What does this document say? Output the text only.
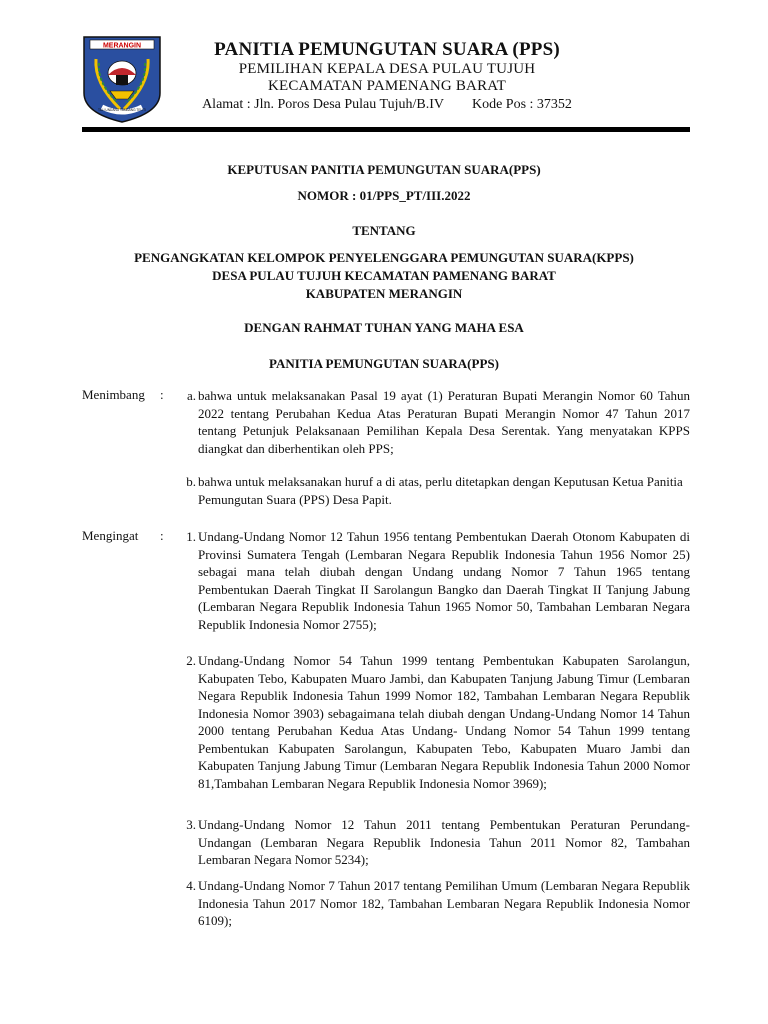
MERANGIN
TALI UNDANG TAMBANG TELITI
PANITIA PEMUNGUTAN SUARA (PPS)
PEMILIHAN KEPALA DESA PULAU TUJUH
KECAMATAN PAMENANG BARAT
Alamat : Jln. Poros Desa Pulau Tujuh/B.IV Kode Pos : 37352
KEPUTUSAN PANITIA PEMUNGUTAN SUARA(PPS)
NOMOR : 01/PPS_PT/III.2022
TENTANG
PENGANGKATAN KELOMPOK PENYELENGGARA PEMUNGUTAN SUARA(KPPS)
DESA PULAU TUJUH KECAMATAN PAMENANG BARAT
KABUPATEN MERANGIN
DENGAN RAHMAT TUHAN YANG MAHA ESA
PANITIA PEMUNGUTAN SUARA(PPS)
Menimbang :	a. bahwa untuk melaksanakan Pasal 19 ayat (1) Peraturan Bupati Merangin Nomor 60 Tahun 2022 tentang Perubahan Kedua Atas Peraturan Bupati Merangin Nomor 47 Tahun 2017 tentang Petunjuk Pelaksanaan Pemilihan Kepala Desa Serentak. Yang menyatakan KPPS diangkat dan diberhentikan oleh PPS;
b. bahwa untuk melaksanakan huruf a di atas, perlu ditetapkan dengan Keputusan Ketua Panitia Pemungutan Suara (PPS) Desa Papit.
Mengingat :	1. Undang-Undang Nomor 12 Tahun 1956 tentang Pembentukan Daerah Otonom Kabupaten di Provinsi Sumatera Tengah (Lembaran Negara Republik Indonesia Tahun 1956 Nomor 25) sebagai mana telah diubah dengan Undang undang Nomor 7 Tahun 1965 tentang Pembentukan Daerah Tingkat II Sarolangun Bangko dan Daerah Tingkat II Tanjung Jabung (Lembaran Negara Republik Indonesia Tahun 1965 Nomor 50, Tambahan Lembaran Negara Republik Indonesia Nomor 2755);
2. Undang-Undang Nomor 54 Tahun 1999 tentang Pembentukan Kabupaten Sarolangun, Kabupaten Tebo, Kabupaten Muaro Jambi, dan Kabupaten Tanjung Jabung Timur (Lembaran Negara Republik Indonesia Tahun 1999 Nomor 182, Tambahan Lembaran Negara Republik Indonesia Nomor 3903) sebagaimana telah diubah dengan Undang-Undang Nomor 14 Tahun 2000 tentang Perubahan Kedua Atas Undang- Undang Nomor 54 Tahun 1999 tentang Pembentukan Kabupaten Sarolangun, Kabupaten Tebo, Kabupaten Muaro Jambi dan Kabupaten Tanjung Jabung Timur (Lembaran Negara Republik Indonesia Tahun 2000 Nomor 81,Tambahan Lembaran Negara Republik Indonesia Nomor 3969);
3. Undang-Undang Nomor 12 Tahun 2011 tentang Pembentukan Peraturan Perundang-Undangan (Lembaran Negara Republik Indonesia Tahun 2011 Nomor 82, Tambahan Lembaran Negara Nomor 5234);
4. Undang-Undang Nomor 7 Tahun 2017 tentang Pemilihan Umum (Lembaran Negara Republik Indonesia Tahun 2017 Nomor 182, Tambahan Lembaran Negara Republik Indonesia Nomor 6109);
